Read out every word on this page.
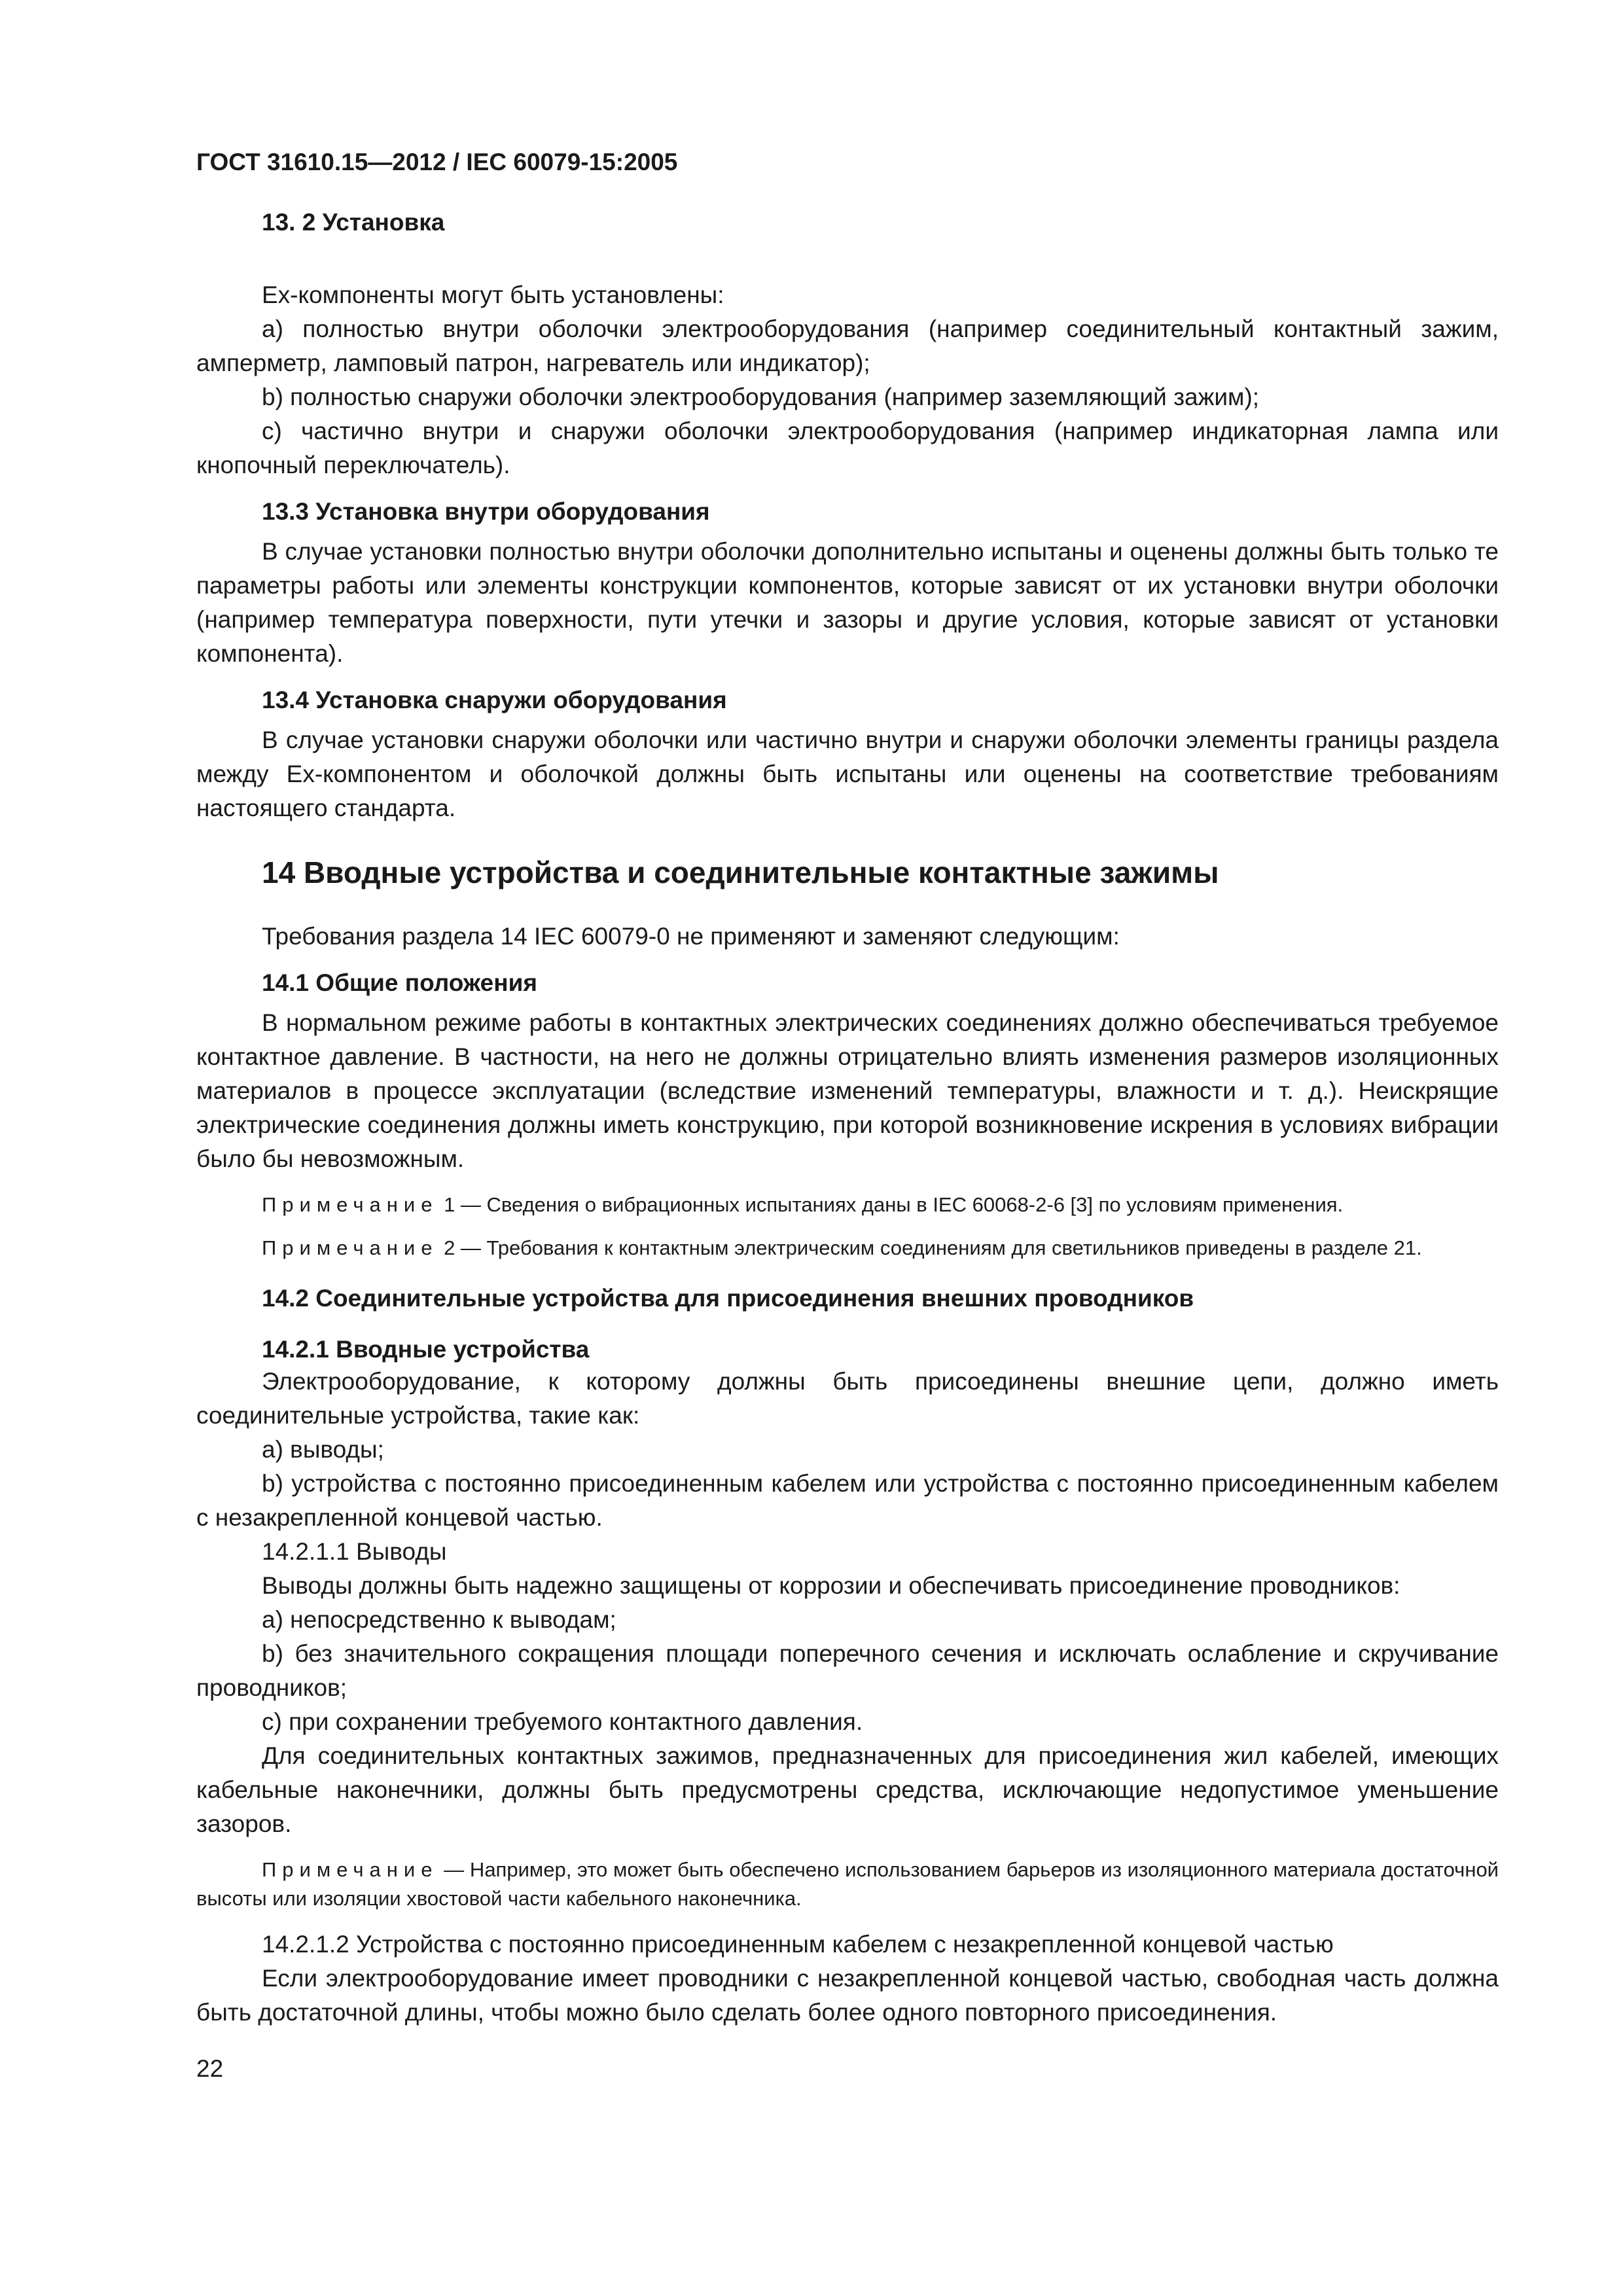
ГОСТ 31610.15—2012 / IEC 60079-15:2005
13. 2 Установка

Ex-компоненты могут быть установлены:

a) полностью внутри оболочки электрооборудования (например соединительный контактный зажим, амперметр, ламповый патрон, нагреватель или индикатор);

b) полностью снаружи оболочки электрооборудования (например заземляющий зажим);

c) частично внутри и снаружи оболочки электрооборудования (например индикаторная лампа или кнопочный переключатель).

13.3 Установка внутри оборудования

В случае установки полностью внутри оболочки дополнительно испытаны и оценены должны быть только те параметры работы или элементы конструкции компонентов, которые зависят от их установки внутри оболочки (например температура поверхности, пути утечки и зазоры и другие условия, которые зависят от установки компонента).

13.4 Установка снаружи оборудования

В случае установки снаружи оболочки или частично внутри и снаружи оболочки элементы границы раздела между Ex-компонентом и оболочкой должны быть испытаны или оценены на соответствие требованиям настоящего стандарта.

14 Вводные устройства и соединительные контактные зажимы

Требования раздела 14 IEC 60079-0 не применяют и заменяют следующим:

14.1 Общие положения

В нормальном режиме работы в контактных электрических соединениях должно обеспечиваться требуемое контактное давление. В частности, на него не должны отрицательно влиять изменения размеров изоляционных материалов в процессе эксплуатации (вследствие изменений температуры, влажности и т. д.). Неискрящие электрические соединения должны иметь конструкцию, при которой возникновение искрения в условиях вибрации было бы невозможным.

Примечание 1 — Сведения о вибрационных испытаниях даны в IEC 60068-2-6 [3] по условиям применения.

Примечание 2 — Требования к контактным электрическим соединениям для светильников приведены в разделе 21.

14.2 Соединительные устройства для присоединения внешних проводников
14.2.1 Вводные устройства

Электрооборудование, к которому должны быть присоединены внешние цепи, должно иметь соединительные устройства, такие как:

a) выводы;

b) устройства с постоянно присоединенным кабелем или устройства с постоянно присоединенным кабелем с незакрепленной концевой частью.

14.2.1.1 Выводы

Выводы должны быть надежно защищены от коррозии и обеспечивать присоединение проводников:

a) непосредственно к выводам;

b) без значительного сокращения площади поперечного сечения и исключать ослабление и скручивание проводников;

c) при сохранении требуемого контактного давления.

Для соединительных контактных зажимов, предназначенных для присоединения жил кабелей, имеющих кабельные наконечники, должны быть предусмотрены средства, исключающие недопустимое уменьшение зазоров.

Примечание — Например, это может быть обеспечено использованием барьеров из изоляционного материала достаточной высоты или изоляции хвостовой части кабельного наконечника.

14.2.1.2 Устройства с постоянно присоединенным кабелем с незакрепленной концевой частью

Если электрооборудование имеет проводники с незакрепленной концевой частью, свободная часть должна быть достаточной длины, чтобы можно было сделать более одного повторного присоединения.

22
